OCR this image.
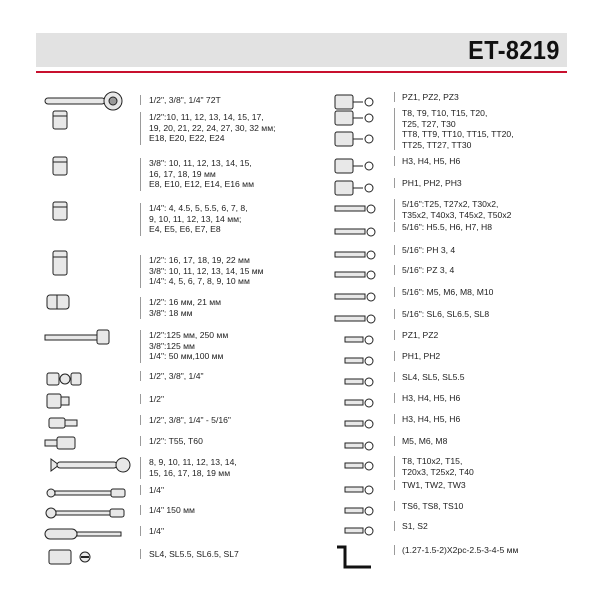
ET-8219
1/2", 3/8", 1/4" 72T
1/2":10, 11, 12, 13, 14, 15, 17,
19, 20, 21, 22, 24, 27, 30, 32 мм;
E18, E20, E22, E24
3/8": 10, 11, 12, 13, 14, 15,
16, 17, 18, 19 мм
E8, E10, E12, E14, E16 мм
1/4": 4, 4.5, 5, 5.5, 6, 7, 8,
9, 10, 11, 12, 13, 14 мм;
E4, E5, E6, E7, E8
1/2": 16, 17, 18, 19, 22 мм
3/8": 10, 11, 12, 13, 14, 15 мм
1/4": 4, 5, 6, 7, 8, 9, 10 мм
1/2": 16 мм, 21 мм
3/8": 18 мм
1/2":125 мм, 250 мм
3/8":125 мм
1/4": 50 мм,100 мм
1/2", 3/8", 1/4"
1/2"
1/2", 3/8", 1/4" - 5/16"
1/2": T55, T60
8, 9, 10, 11, 12, 13, 14,
15, 16, 17, 18, 19 мм
1/4"
1/4" 150 мм
1/4"
SL4, SL5.5, SL6.5, SL7
PZ1, PZ2, PZ3
T8, T9, T10, T15, T20,
T25, T27, T30
TT8, TT9, TT10, TT15, TT20,
TT25, TT27, TT30
H3, H4, H5, H6
PH1, PH2, PH3
5/16":T25, T27x2, T30x2,
T35x2, T40x3, T45x2, T50x2
5/16": H5.5, H6, H7, H8
5/16": PH 3, 4
5/16": PZ 3, 4
5/16": M5, M6, M8, M10
5/16": SL6, SL6.5, SL8
PZ1, PZ2
PH1, PH2
SL4, SL5, SL5.5
H3, H4, H5, H6
H3, H4, H5, H6
M5, M6, M8
T8, T10x2, T15,
T20x3, T25x2, T40
TW1, TW2, TW3
TS6, TS8, TS10
S1, S2
(1.27-1.5-2)X2pc-2.5-3-4-5 мм
